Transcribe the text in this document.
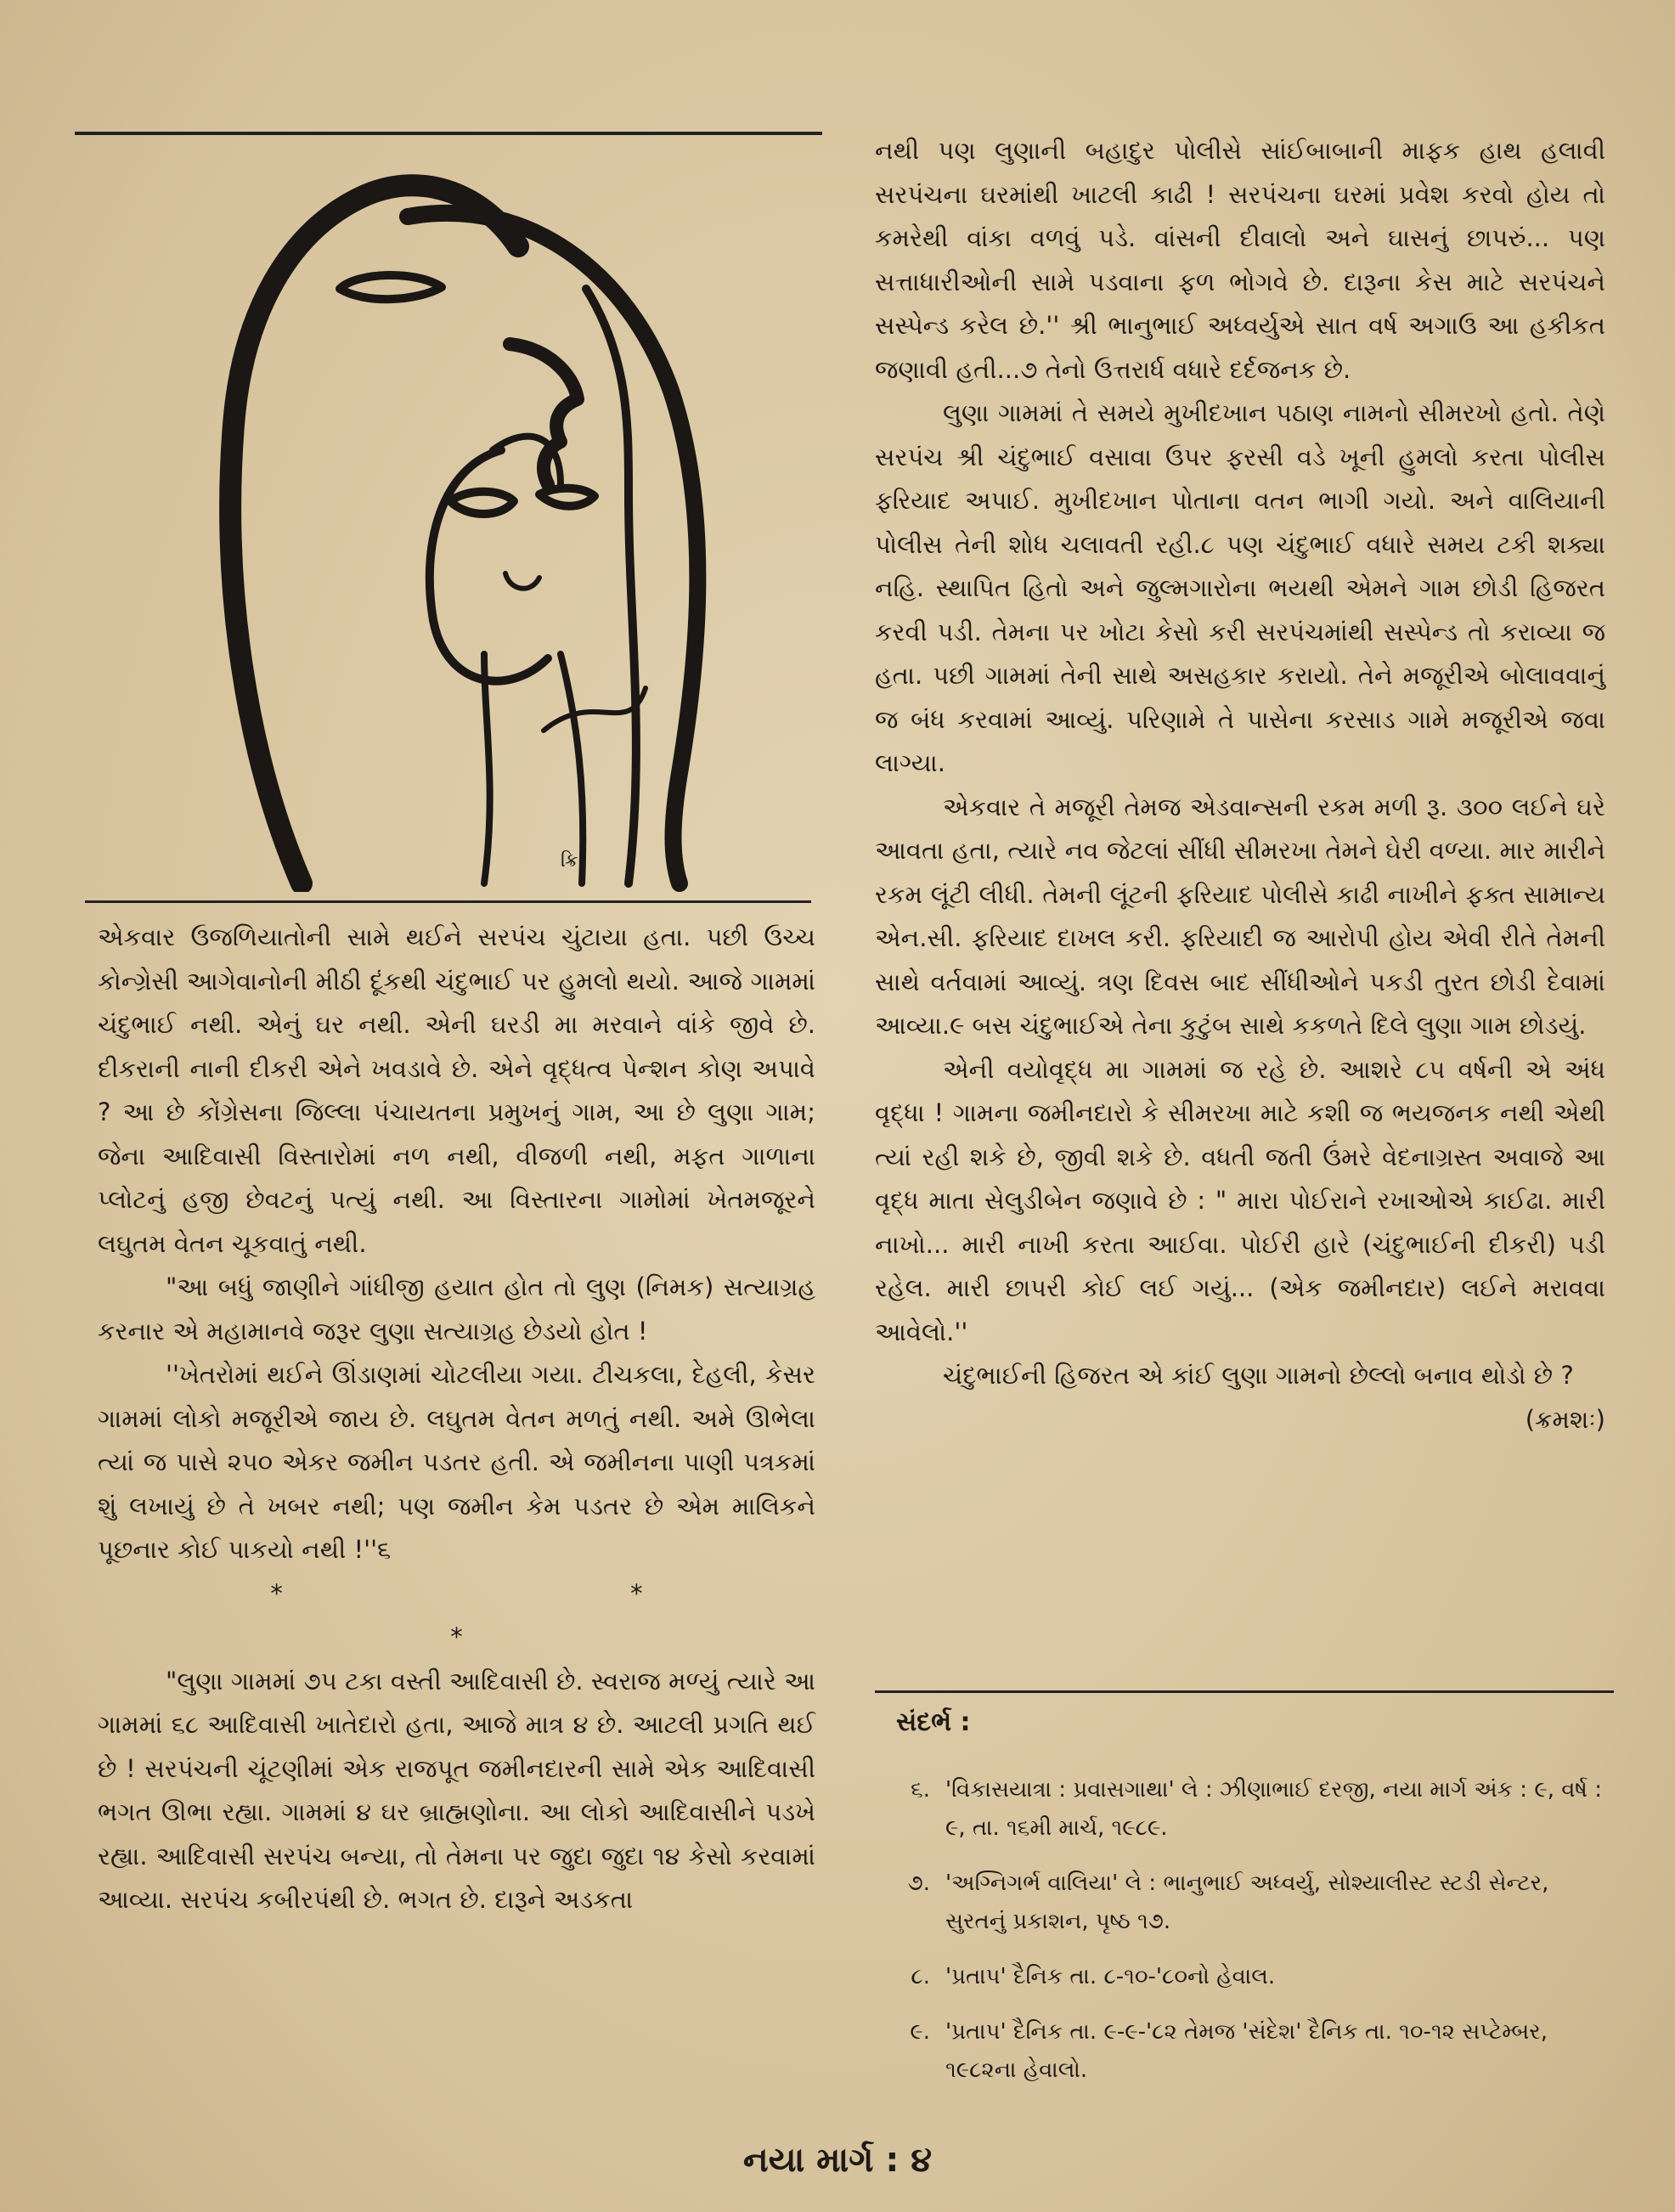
ક્રિ

એકવાર ઉજળિયાતોની સામે થઈને સરપંચ ચુંટાયા હતા. પછી ઉચ્ચ કોન્ગ્રેસી આગેવાનોની મીઠી દૂંકથી ચંદુભાઈ પર હુમલો થયો. આજે ગામમાં ચંદુભાઈ નથી. એનું ઘર નથી. એની ઘરડી મા મરવાને વાંકે જીવે છે. દીકરાની નાની દીકરી એને ખવડાવે છે. એને વૃદ્ધત્વ પેન્શન કોણ અપાવે ? આ છે કોંગ્રેસના જિલ્લા પંચાયતના પ્રમુખનું ગામ, આ છે લુણા ગામ; જેના આદિવાસી વિસ્તારોમાં નળ નથી, વીજળી નથી, મફત ગાળાના પ્લોટનું હજી છેવટનું પત્યું નથી. આ વિસ્તારના ગામોમાં ખેતમજૂરને લઘુતમ વેતન ચૂકવાતું નથી.

"આ બધું જાણીને ગાંધીજી હયાત હોત તો લુણ (નિમક) સત્યાગ્રહ કરનાર એ મહામાનવે જરૂર લુણા સત્યાગ્રહ છેડયો હોત !

''ખેતરોમાં થઈને ઊંડાણમાં ચોટલીયા ગયા. ટીચકલા, દેહલી, કેસર ગામમાં લોકો મજૂરીએ જાય છે. લઘુતમ વેતન મળતું નથી. અમે ઊભેલા ત્યાં જ પાસે ૨૫૦ એકર જમીન પડતર હતી. એ જમીનના પાણી પત્રકમાં શું લખાયું છે તે ખબર નથી; પણ જમીન કેમ પડતર છે એમ માલિકને પૂછનાર કોઈ પાકયો નથી !''૬

* * *

"લુણા ગામમાં ૭૫ ટકા વસ્તી આદિવાસી છે. સ્વરાજ મળ્યું ત્યારે આ ગામમાં ૬૮ આદિવાસી ખાતેદારો હતા, આજે માત્ર ૪ છે. આટલી પ્રગતિ થઈ છે ! સરપંચની ચૂંટણીમાં એક રાજપૂત જમીનદારની સામે એક આદિવાસી ભગત ઊભા રહ્યા. ગામમાં ૪ ઘર બ્રાહ્મણોના. આ લોકો આદિવાસીને પડખે રહ્યા. આદિવાસી સરપંચ બન્યા, તો તેમના પર જુદા જુદા ૧૪ કેસો કરવામાં આવ્યા. સરપંચ કબીરપંથી છે. ભગત છે. દારૂને અડકતા

નથી પણ લુણાની બહાદુર પોલીસે સાંઈબાબાની માફક હાથ હલાવી સરપંચના ઘરમાંથી ખાટલી કાઢી ! સરપંચના ઘરમાં પ્રવેશ કરવો હોય તો કમરેથી વાંકા વળવું પડે. વાંસની દીવાલો અને ઘાસનું છાપરું... પણ સત્તાધારીઓની સામે પડવાના ફળ ભોગવે છે. દારૂના કેસ માટે સરપંચને સસ્પેન્ડ કરેલ છે.'' શ્રી ભાનુભાઈ અધ્વર્યુએ સાત વર્ષ અગાઉ આ હકીકત જણાવી હતી...૭ તેનો ઉત્તરાર્ધ વધારે દર્દજનક છે.

લુણા ગામમાં તે સમયે મુખીદખાન પઠાણ નામનો સીમરખો હતો. તેણે સરપંચ શ્રી ચંદુભાઈ વસાવા ઉપર ફરસી વડે ખૂની હુમલો કરતા પોલીસ ફરિયાદ અપાઈ. મુખીદખાન પોતાના વતન ભાગી ગયો. અને વાલિયાની પોલીસ તેની શોધ ચલાવતી રહી.૮ પણ ચંદુભાઈ વધારે સમય ટકી શક્યા નહિ. સ્થાપિત હિતો અને જુલ્મગારોના ભયથી એમને ગામ છોડી હિજરત કરવી પડી. તેમના પર ખોટા કેસો કરી સરપંચમાંથી સસ્પેન્ડ તો કરાવ્યા જ હતા. પછી ગામમાં તેની સાથે અસહકાર કરાયો. તેને મજૂરીએ બોલાવવાનું જ બંધ કરવામાં આવ્યું. પરિણામે તે પાસેના કરસાડ ગામે મજૂરીએ જવા લાગ્યા.

એકવાર તે મજૂરી તેમજ એડવાન્સની રકમ મળી રૂ. ૩૦૦ લઈને ઘરે આવતા હતા, ત્યારે નવ જેટલાં સીંધી સીમરખા તેમને ઘેરી વળ્યા. માર મારીને રકમ લૂંટી લીધી. તેમની લૂંટની ફરિયાદ પોલીસે કાઢી નાખીને ફક્ત સામાન્ય એન.સી. ફરિયાદ દાખલ કરી. ફરિયાદી જ આરોપી હોય એવી રીતે તેમની સાથે વર્તવામાં આવ્યું. ત્રણ દિવસ બાદ સીંધીઓને પકડી તુરત છોડી દેવામાં આવ્યા.૯ બસ ચંદુભાઈએ તેના કુટુંબ સાથે કકળતે દિલે લુણા ગામ છોડયું.

એની વયોવૃદ્ધ મા ગામમાં જ રહે છે. આશરે ૮૫ વર્ષની એ અંધ વૃદ્ધા ! ગામના જમીનદારો કે સીમરખા માટે કશી જ ભયજનક નથી એથી ત્યાં રહી શકે છે, જીવી શકે છે. વધતી જતી ઉંમરે વેદનાગ્રસ્ત અવાજે આ વૃદ્ધ માતા સેલુડીબેન જણાવે છે : " મારા પોઈરાને રખાઓએ કાઈઢા. મારી નાખો... મારી નાખી કરતા આઈવા. પોઈરી હારે (ચંદુભાઈની દીકરી) પડી રહેલ. મારી છાપરી કોઈ લઈ ગયું... (એક જમીનદાર) લઈને મરાવવા આવેલો.''

ચંદુભાઈની હિજરત એ કાંઈ લુણા ગામનો છેલ્લો બનાવ થોડો છે ?

(ક્રમશઃ)

સંદર્ભ :
૬. 'વિકાસયાત્રા : પ્રવાસગાથા' લે : ઝીણાભાઈ દરજી, નયા માર્ગ અંક : ૯, વર્ષ : ૯, તા. ૧૬મી માર્ચ, ૧૯૮૯.
૭. 'અગ્નિગર્ભ વાલિયા' લે : ભાનુભાઈ અધ્વર્યુ, સોશ્યાલીસ્ટ સ્ટડી સેન્ટર, સુરતનું પ્રકાશન, પૃષ્ઠ ૧૭.
૮. 'પ્રતાપ' દૈનિક તા. ૮-૧૦-'૮૦નો હેવાલ.
૯. 'પ્રતાપ' દૈનિક તા. ૯-૯-'૮૨ તેમજ 'સંદેશ' દૈનિક તા. ૧૦-૧૨ સપ્ટેમ્બર, ૧૯૮૨ના હેવાલો.
નયા માર્ગ : ૪
